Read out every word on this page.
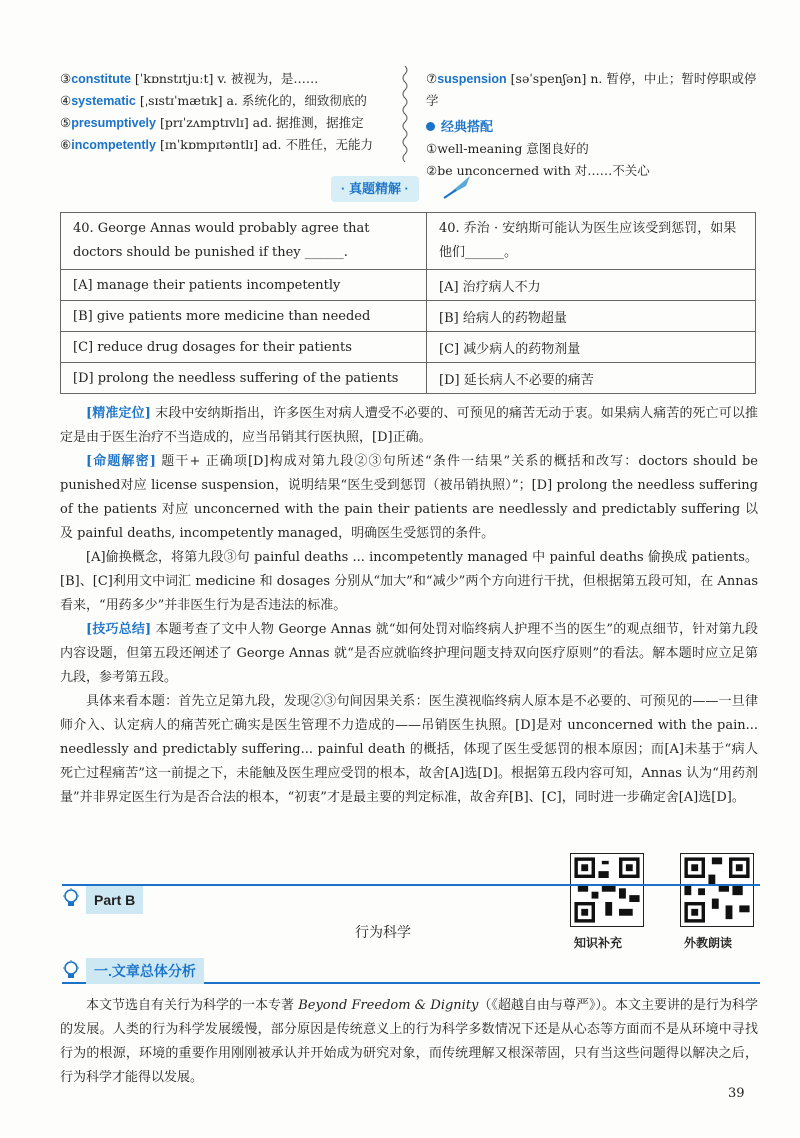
③constitute [ˈkɒnstɪtjuːt] v. 被视为，是……
④systematic [ˌsɪstɪˈmætɪk] a. 系统化的，细致彻底的
⑤presumptively [prɪˈzʌmptɪvlɪ] ad. 据推测，据推定
⑥incompetently [ɪnˈkɒmpɪtəntlɪ] ad. 不胜任，无能力
⑦suspension [səˈspenʃən] n. 暂停，中止；暂时停职或停学
经典搭配
①well-meaning 意图良好的
②be unconcerned with 对……不关心
· 真题精解 ·
40. George Annas would probably agree that doctors should be punished if they ______.	40. 乔治 · 安纳斯可能认为医生应该受到惩罚，如果他们______。
[A] manage their patients incompetently	[A] 治疗病人不力
[B] give patients more medicine than needed	[B] 给病人的药物超量
[C] reduce drug dosages for their patients	[C] 减少病人的药物剂量
[D] prolong the needless suffering of the patients	[D] 延长病人不必要的痛苦
[精准定位] 末段中安纳斯指出，许多医生对病人遭受不必要的、可预见的痛苦无动于衷。如果病人痛苦的死亡可以推定是由于医生治疗不当造成的，应当吊销其行医执照，[D]正确。
[命题解密] 题干+ 正确项[D]构成对第九段②③句所述“条件一结果”关系的概括和改写：doctors should be punished对应 license suspension，说明结果“医生受到惩罚（被吊销执照）”；[D] prolong the needless suffering of the patients 对应 unconcerned with the pain their patients are needlessly and predictably suffering 以及 painful deaths, incompetently managed，明确医生受惩罚的条件。
[A]偷换概念，将第九段③句 painful deaths ... incompetently managed 中 painful deaths 偷换成 patients。[B]、[C]利用文中词汇 medicine 和 dosages 分别从“加大”和“减少”两个方向进行干扰，但根据第五段可知，在 Annas 看来，“用药多少”并非医生行为是否违法的标准。
[技巧总结] 本题考查了文中人物 George Annas 就“如何处罚对临终病人护理不当的医生”的观点细节，针对第九段内容设题，但第五段还阐述了 George Annas 就“是否应就临终护理问题支持双向医疗原则”的看法。解本题时应立足第九段，参考第五段。
具体来看本题：首先立足第九段，发现②③句间因果关系：医生漠视临终病人原本是不必要的、可预见的——一旦律师介入、认定病人的痛苦死亡确实是医生管理不力造成的——吊销医生执照。[D]是对 unconcerned with the pain... needlessly and predictably suffering... painful death 的概括，体现了医生受惩罚的根本原因；而[A]未基于“病人死亡过程痛苦”这一前提之下，未能触及医生理应受罚的根本，故舍[A]选[D]。根据第五段内容可知，Annas 认为“用药剂量”并非界定医生行为是否合法的根本，“初衷”才是最主要的判定标准，故舍弃[B]、[C]，同时进一步确定舍[A]选[D]。
知识补充	外教朗读
Part B
行为科学
一.文章总体分析
本文节选自有关行为科学的一本专著 Beyond Freedom & Dignity（《超越自由与尊严》）。本文主要讲的是行为科学的发展。人类的行为科学发展缓慢，部分原因是传统意义上的行为科学多数情况下还是从心态等方面而不是从环境中寻找行为的根源，环境的重要作用刚刚被承认并开始成为研究对象，而传统理解又根深蒂固，只有当这些问题得以解决之后，行为科学才能得以发展。
39
